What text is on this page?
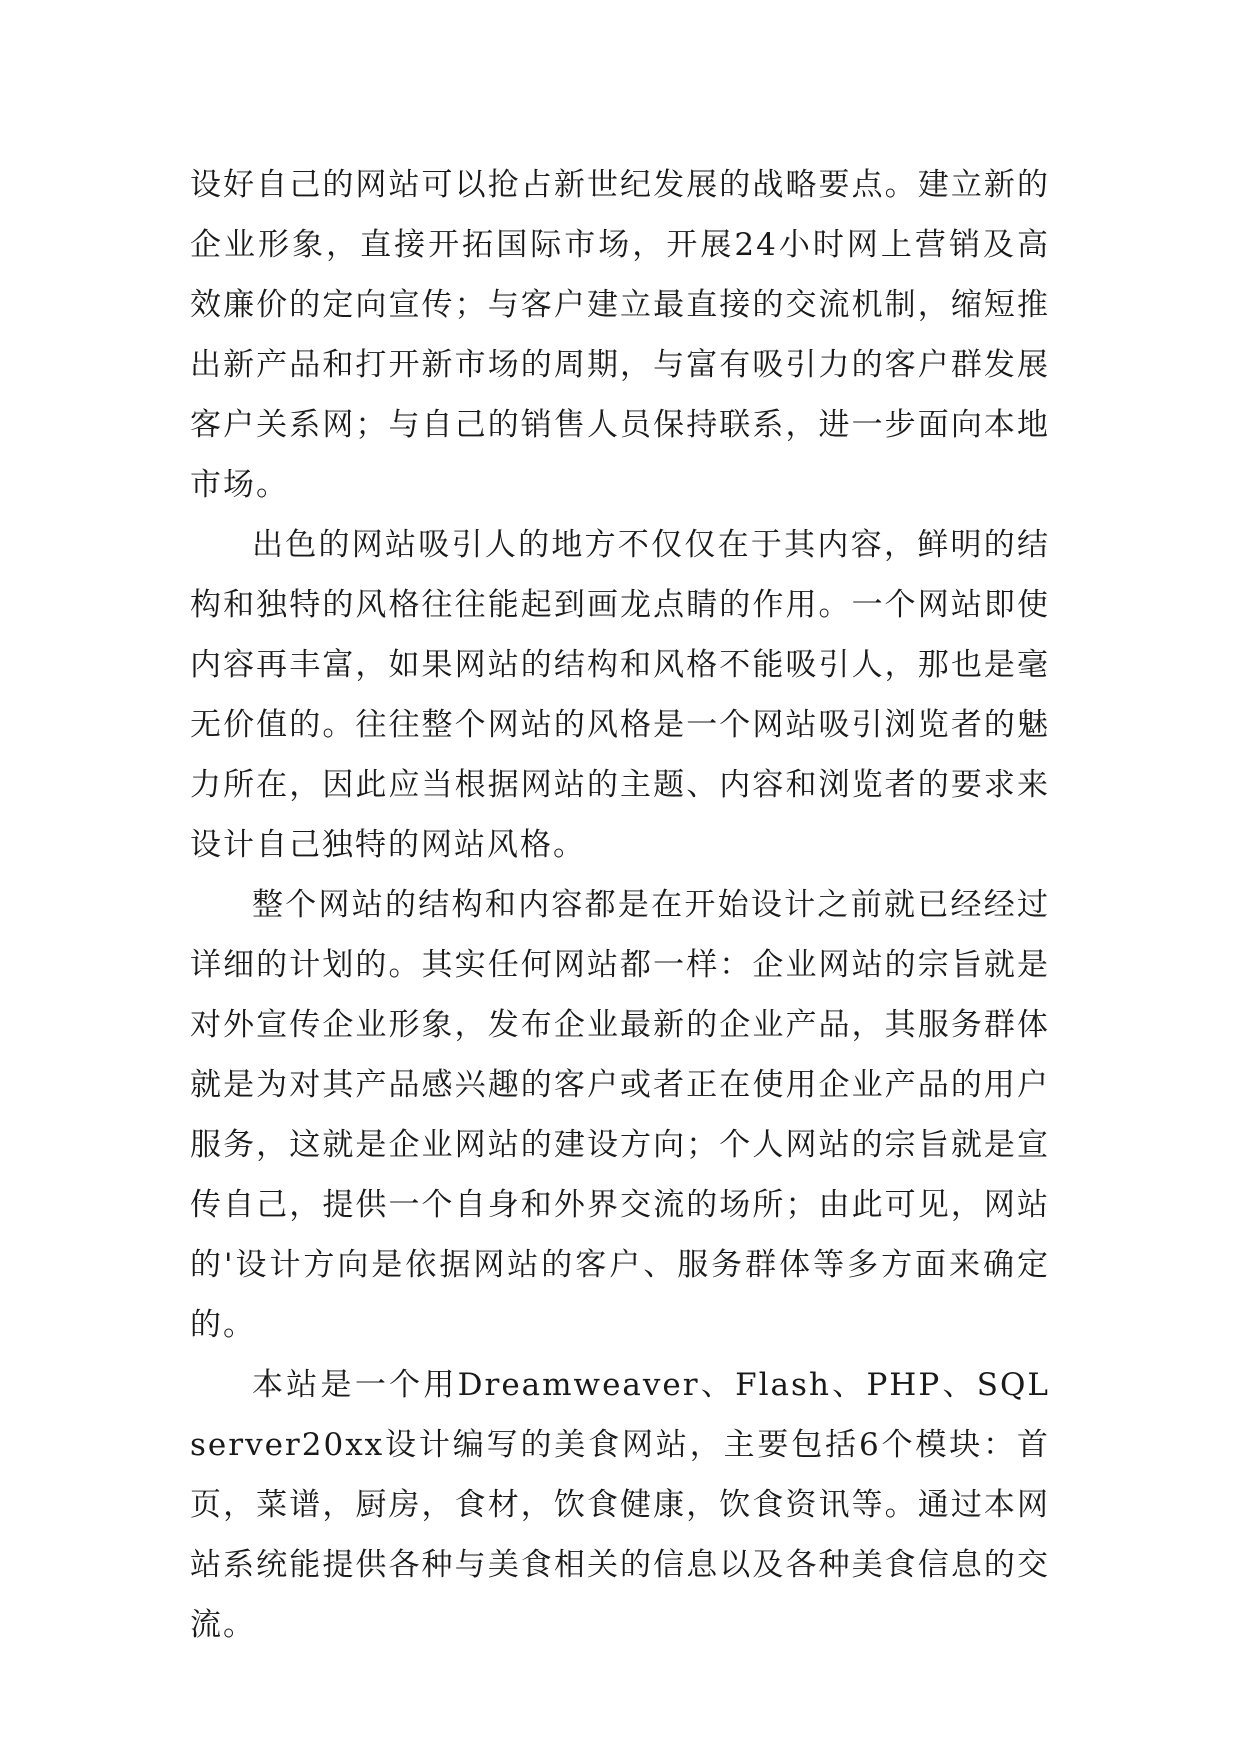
设好自己的网站可以抢占新世纪发展的战略要点。建立新的企业形象，直接开拓国际市场，开展24小时网上营销及高效廉价的定向宣传；与客户建立最直接的交流机制，缩短推出新产品和打开新市场的周期，与富有吸引力的客户群发展客户关系网；与自己的销售人员保持联系，进一步面向本地市场。

出色的网站吸引人的地方不仅仅在于其内容，鲜明的结构和独特的风格往往能起到画龙点睛的作用。一个网站即使内容再丰富，如果网站的结构和风格不能吸引人，那也是毫无价值的。往往整个网站的风格是一个网站吸引浏览者的魅力所在，因此应当根据网站的主题、内容和浏览者的要求来设计自己独特的网站风格。

整个网站的结构和内容都是在开始设计之前就已经经过详细的计划的。其实任何网站都一样：企业网站的宗旨就是对外宣传企业形象，发布企业最新的企业产品，其服务群体就是为对其产品感兴趣的客户或者正在使用企业产品的用户服务，这就是企业网站的建设方向；个人网站的宗旨就是宣传自己，提供一个自身和外界交流的场所；由此可见，网站的'设计方向是依据网站的客户、服务群体等多方面来确定的。

本站是一个用Dreamweaver、Flash、PHP、SQL server20xx设计编写的美食网站，主要包括6个模块：首页，菜谱，厨房，食材，饮食健康，饮食资讯等。通过本网站系统能提供各种与美食相关的信息以及各种美食信息的交流。
